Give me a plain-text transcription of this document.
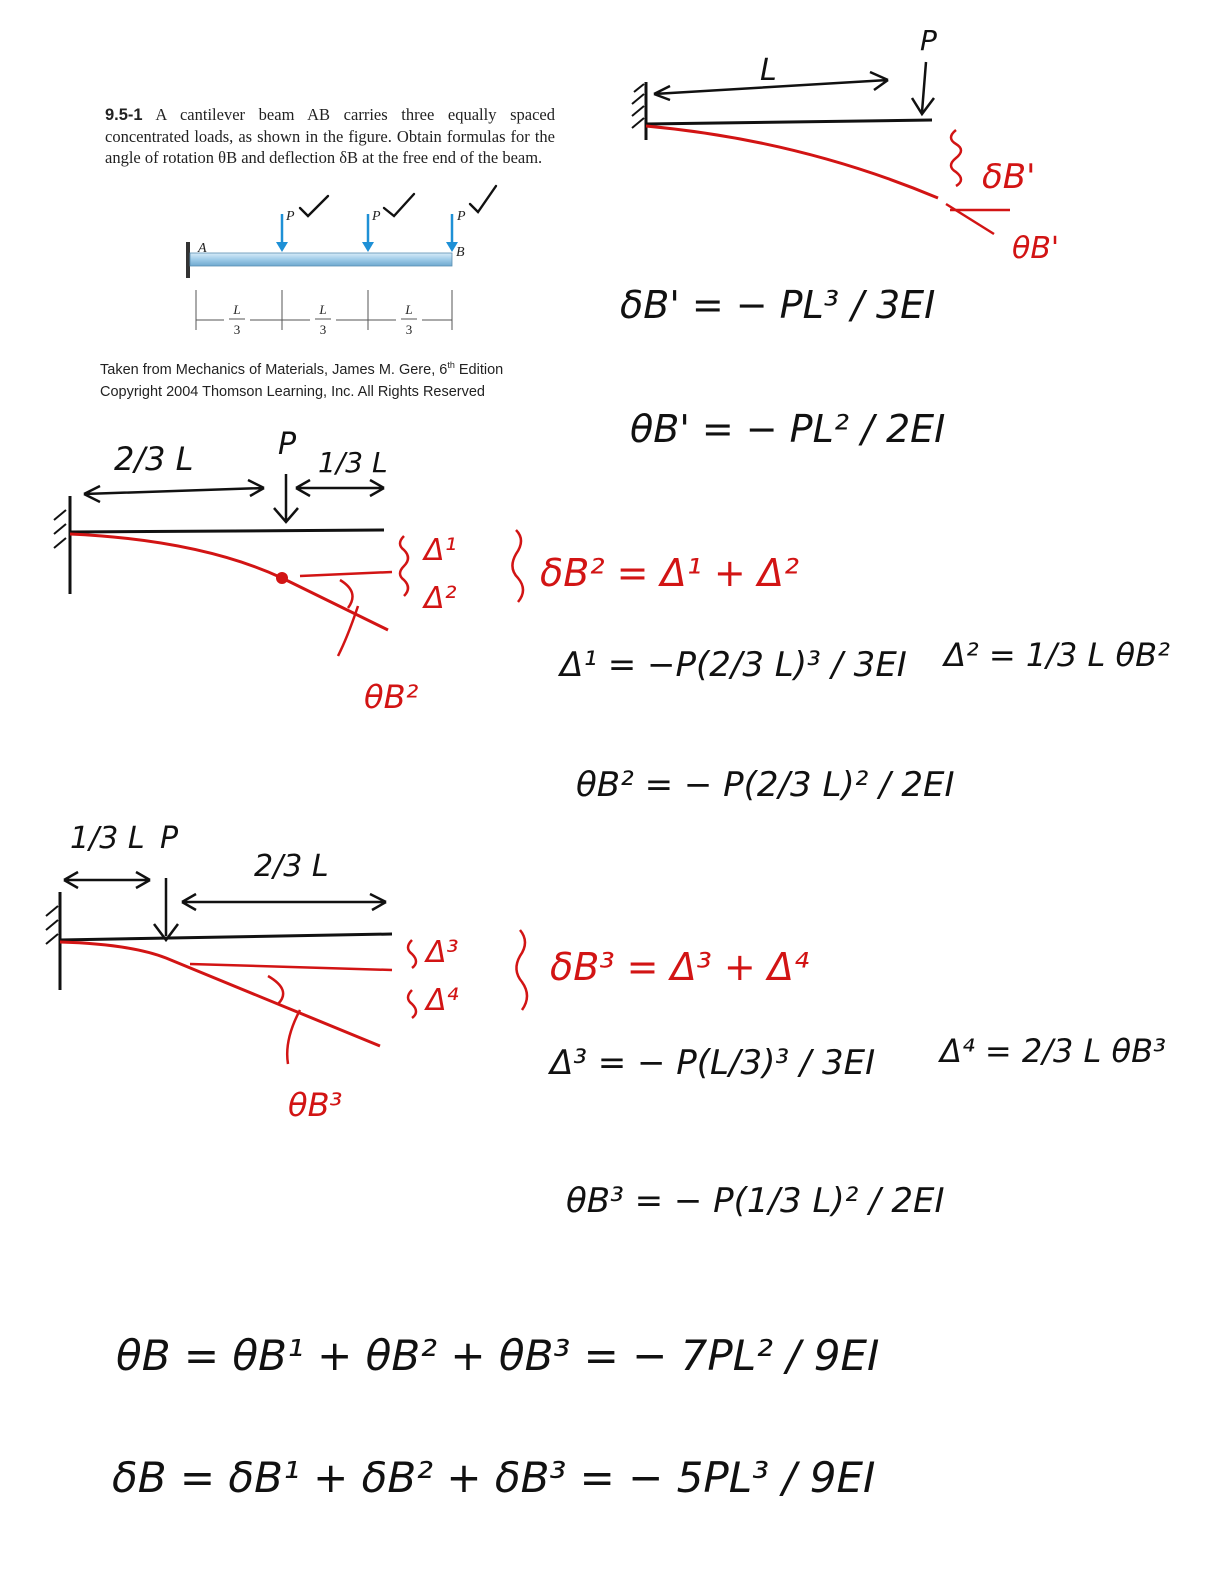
9.5-1 A cantilever beam AB carries three equally spaced concentrated loads, as shown in the figure. Obtain formulas for the angle of rotation θB and deflection δB at the free end of the beam.
Taken from Mechanics of Materials, James M. Gere, 6th Edition
Copyright 2004 Thomson Learning, Inc. All Rights Reserved
A	B
P	P	P
L
3
L
3
L
3
L
P
δB'
θB'
δB' = − PL³ / 3EI
θB' = − PL² / 2EI
2/3 L	P
1/3 L
Δ¹
Δ²
θB²
δB² = Δ¹ + Δ²
Δ¹ = −P(2/3 L)³ / 3EI
θB² = − P(2/3 L)² / 2EI
Δ² = 1/3 L θB²
1/3 L P
2/3 L
Δ³
Δ⁴
θB³
δB³ = Δ³ + Δ⁴
Δ³ = − P(L/3)³ / 3EI
θB³ = − P(1/3 L)² / 2EI
Δ⁴ = 2/3 L θB³
θB = θB¹ + θB² + θB³ = − 7PL² / 9EI
δB = δB¹ + δB² + δB³ = − 5PL³ / 9EI
